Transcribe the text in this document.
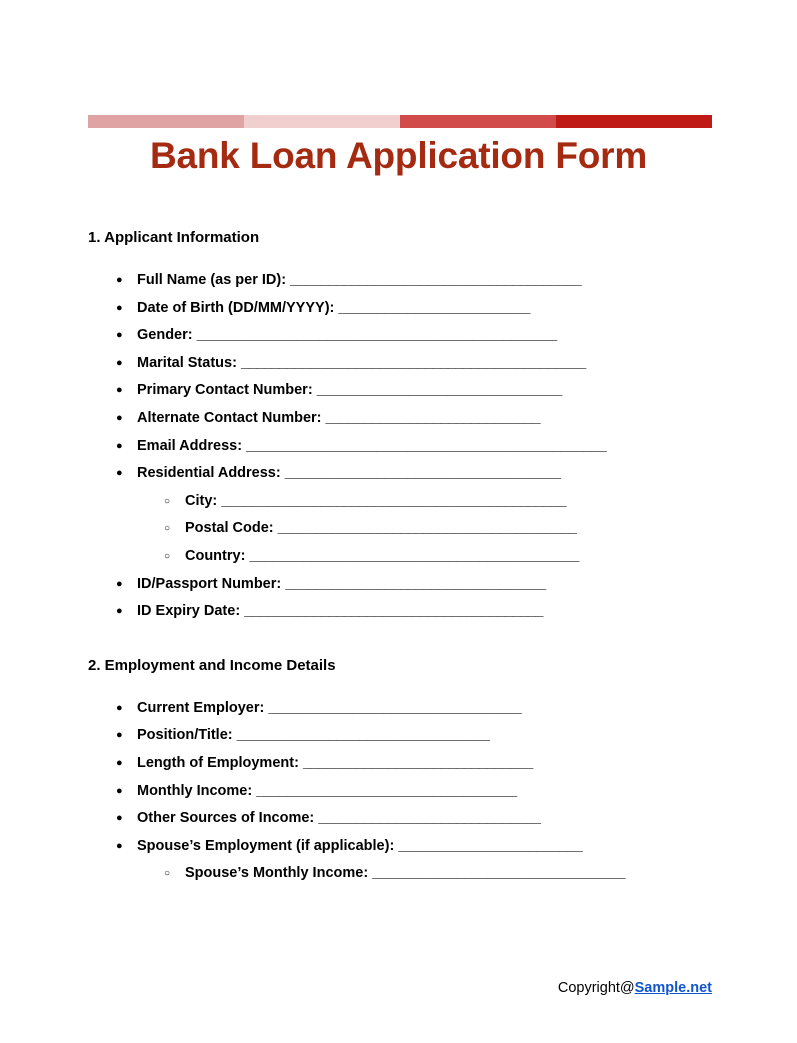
Bank Loan Application Form
1. Applicant Information
● Full Name (as per ID): ______________________________________
● Date of Birth (DD/MM/YYYY): _________________________
● Gender: _______________________________________________
● Marital Status: _____________________________________________
● Primary Contact Number: ________________________________
● Alternate Contact Number: ____________________________
● Email Address: _______________________________________________
● Residential Address: ____________________________________
○ City: _____________________________________________
○ Postal Code: _______________________________________
○ Country: ___________________________________________
● ID/Passport Number: __________________________________
● ID Expiry Date: _______________________________________
2. Employment and Income Details
● Current Employer: _________________________________
● Position/Title: _________________________________
● Length of Employment: ______________________________
● Monthly Income: __________________________________
● Other Sources of Income: _____________________________
● Spouse’s Employment (if applicable): ________________________
○ Spouse’s Monthly Income: _________________________________
Copyright@Sample.net
